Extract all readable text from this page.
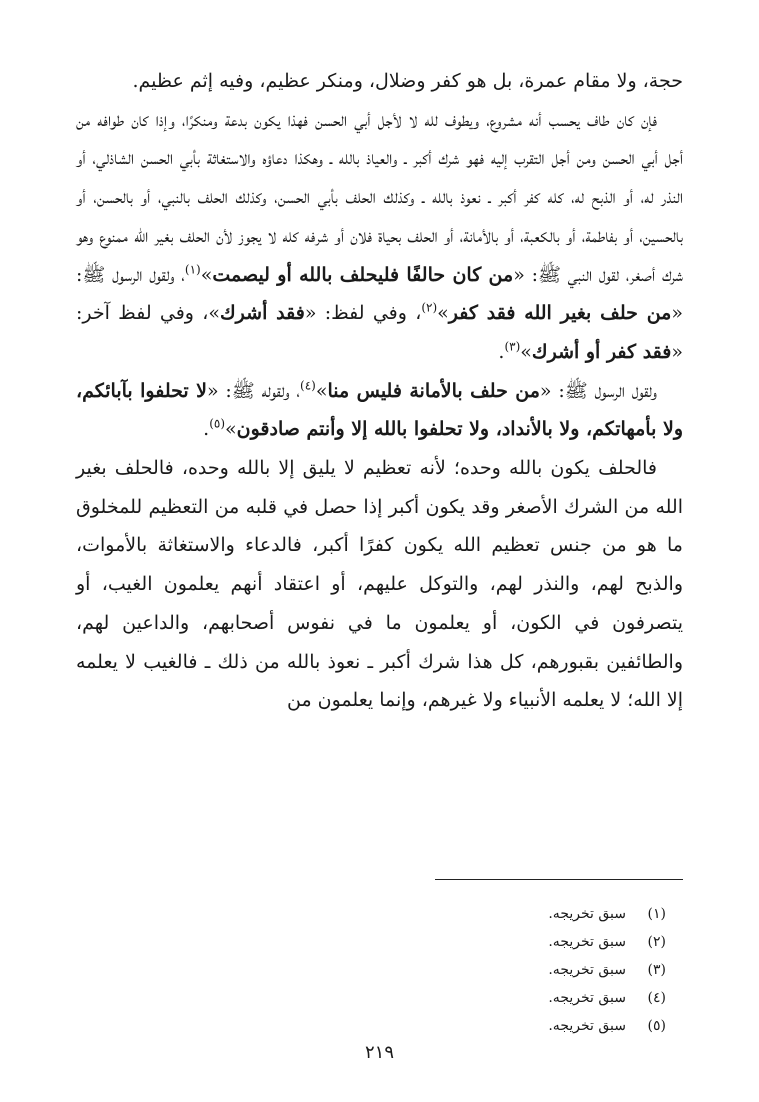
حجة، ولا مقام عمرة، بل هو كفر وضلال، ومنكر عظيم، وفيه إثم عظيم.

فإن كان طاف يحسب أنه مشروع، ويطوف لله لا لأجل أبي الحسن فهذا يكون بدعة ومنكرًا، وإذا كان طوافه من أجل أبي الحسن ومن أجل التقرب إليه فهو شرك أكبر ـ والعياذ بالله ـ وهكذا دعاؤه والاستغاثة بأبي الحسن الشاذلي، أو النذر له، أو الذبح له، كله كفر أكبر ـ نعوذ بالله ـ وكذلك الحلف بأبي الحسن، وكذلك الحلف بالنبي، أو بالحسن، أو بالحسين، أو بفاطمة، أو بالكعبة، أو بالأمانة، أو الحلف بحياة فلان أو شرفه كله لا يجوز لأن الحلف بغير الله ممنوع وهو شرك أصغر، لقول النبي ﷺ: «من كان حالفًا فليحلف بالله أو ليصمت»$^{(١)}$، ولقول الرسول ﷺ: «من حلف بغير الله فقد كفر»$^{(٢)}$، وفي لفظ: «فقد أشرك»، وفي لفظ آخر: «فقد كفر أو أشرك»$^{(٣)}$.

ولقول الرسول ﷺ: «من حلف بالأمانة فليس منا»$^{(٤)}$، ولقوله ﷺ: «لا تحلفوا بآبائكم، ولا بأمهاتكم، ولا بالأنداد، ولا تحلفوا بالله إلا وأنتم صادقون»$^{(٥)}$.

فالحلف يكون بالله وحده؛ لأنه تعظيم لا يليق إلا بالله وحده، فالحلف بغير الله من الشرك الأصغر وقد يكون أكبر إذا حصل في قلبه من التعظيم للمخلوق ما هو من جنس تعظيم الله يكون كفرًا أكبر، فالدعاء والاستغاثة بالأموات، والذبح لهم، والنذر لهم، والتوكل عليهم، أو اعتقاد أنهم يعلمون الغيب، أو يتصرفون في الكون، أو يعلمون ما في نفوس أصحابهم، والداعين لهم، والطائفين بقبورهم، كل هذا شرك أكبر ـ نعوذ بالله من ذلك ـ فالغيب لا يعلمه إلا الله؛ لا يعلمه الأنبياء ولا غيرهم، وإنما يعلمون من

(١)
سبق تخريجه.
(٢)
سبق تخريجه.
(٣)
سبق تخريجه.
(٤)
سبق تخريجه.
(٥)
سبق تخريجه.
٢١٩
